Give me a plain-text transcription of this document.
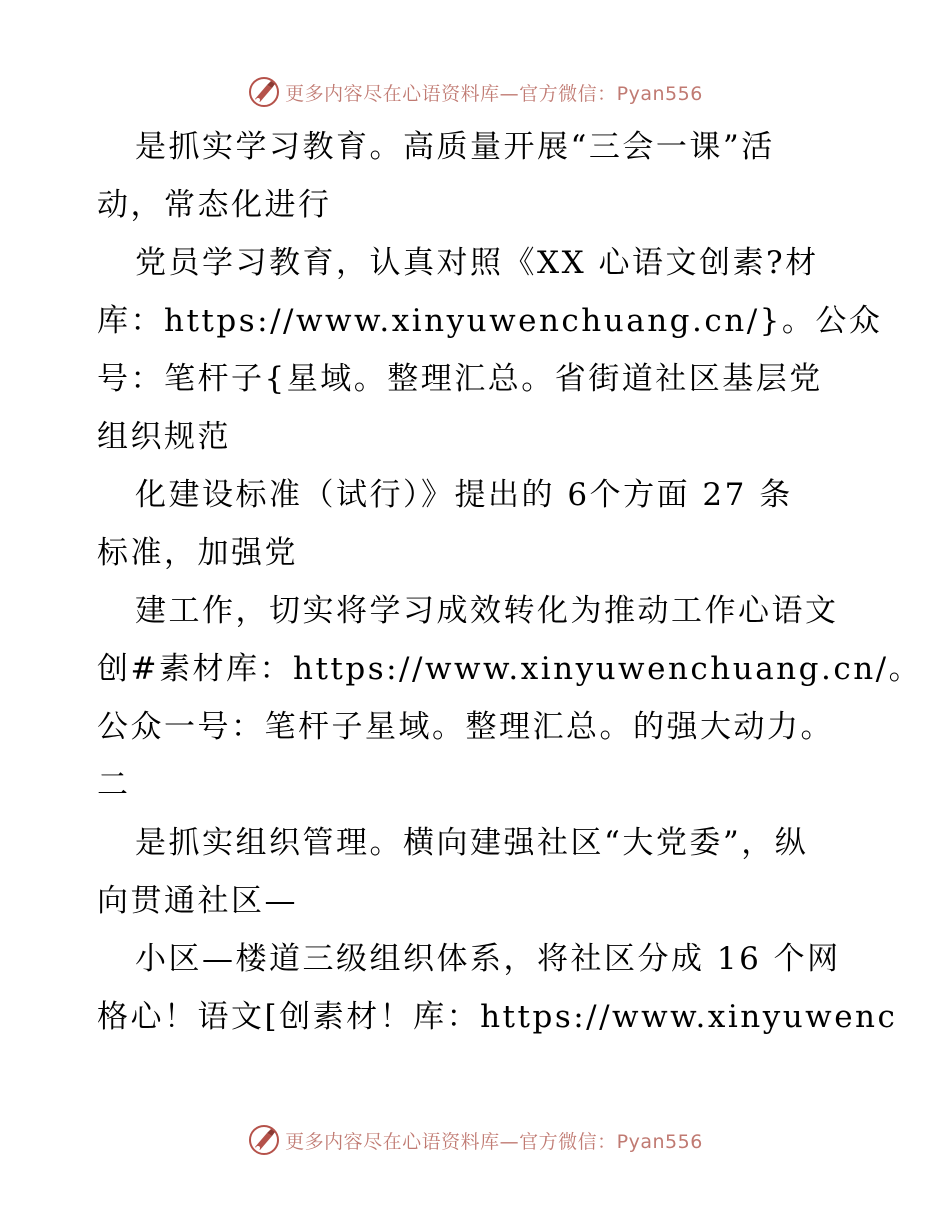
更多内容尽在心语资料库—官方微信：Pyan556
是抓实学习教育。高质量开展“三会一课”活
动，常态化进行
党员学习教育，认真对照《XX 心语文创素?材
库：https://www.xinyuwenchuang.cn/}。公众
号：笔杆子{星域。整理汇总。省街道社区基层党
组织规范
化建设标准（试行）》提出的 6个方面 27 条
标准，加强党
建工作，切实将学习成效转化为推动工作心语文
创#素材库：https://www.xinyuwenchuang.cn/。
公众一号：笔杆子星域。整理汇总。的强大动力。
二
是抓实组织管理。横向建强社区“大党委”，纵
向贯通社区—
小区—楼道三级组织体系，将社区分成 16 个网
格心！语文[创素材！库：https://www.xinyuwenc
更多内容尽在心语资料库—官方微信：Pyan556
